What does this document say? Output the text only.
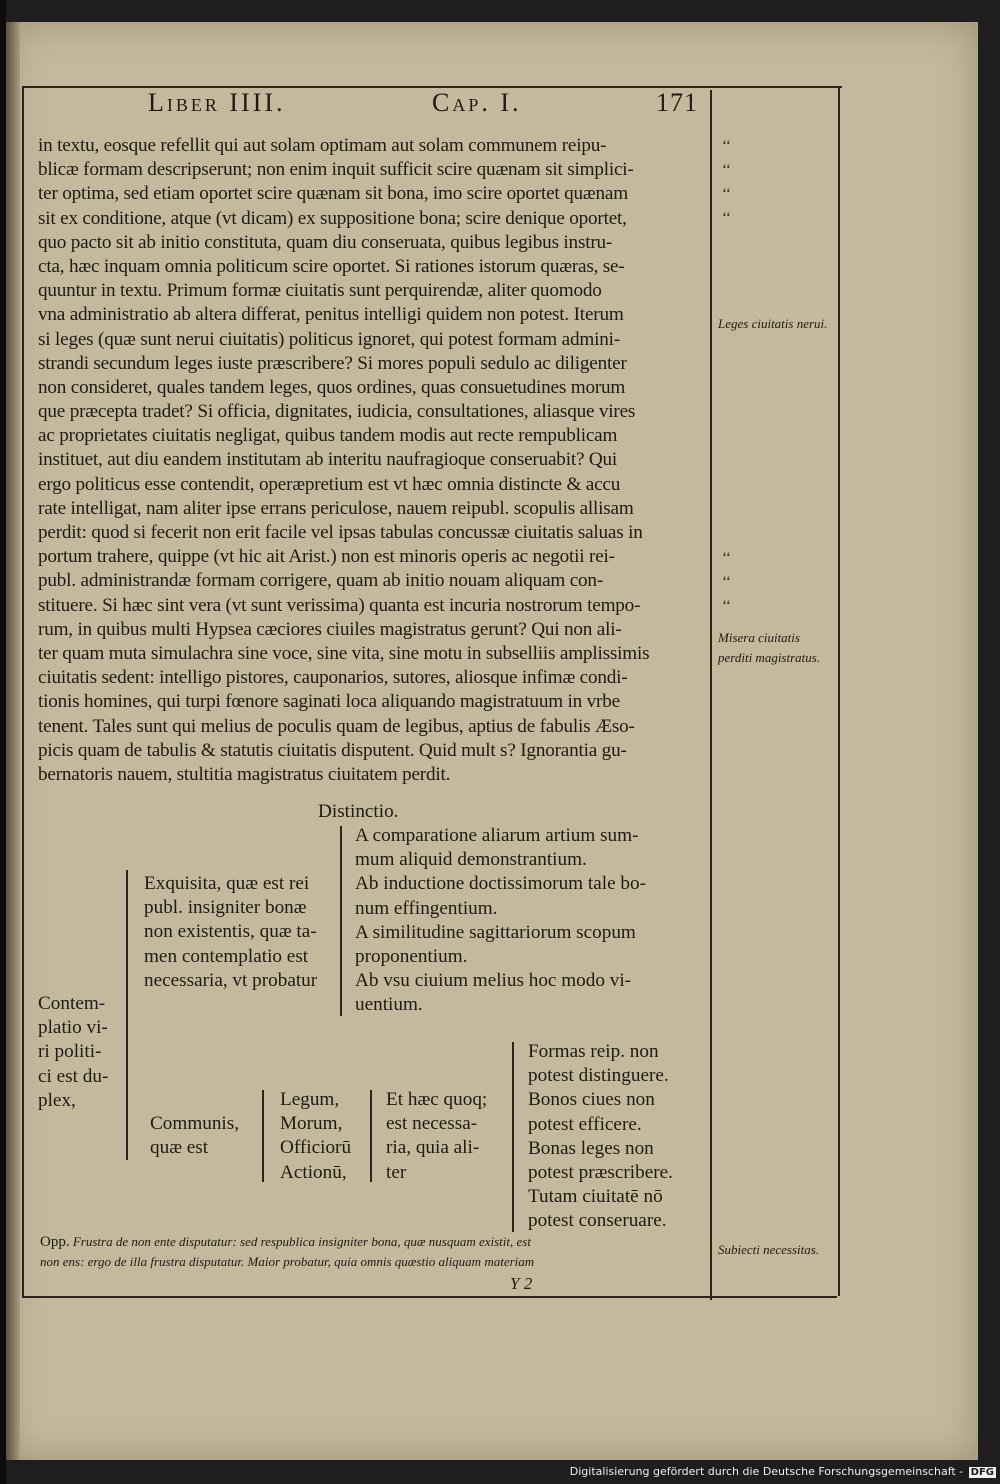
Liber IIII.	Cap. I.	171
in textu, eosque refellit qui aut solam optimam aut solam communem reipu-
blicæ formam descripserunt; non enim inquit sufficit scire quænam sit simplici-
ter optima, sed etiam oportet scire quænam sit bona, imo scire oportet quænam
sit ex conditione, atque (vt dicam) ex suppositione bona; scire denique oportet,
quo pacto sit ab initio constituta, quam diu conseruata, quibus legibus instru-
cta, hæc inquam omnia politicum scire oportet. Si rationes istorum quæras, se-
quuntur in textu. Primum formæ ciuitatis sunt perquirendæ, aliter quomodo
vna administratio ab altera differat, penitus intelligi quidem non potest. Iterum
si leges (quæ sunt nerui ciuitatis) politicus ignoret, qui potest formam admini-
strandi secundum leges iuste præscribere? Si mores populi sedulo ac diligenter
non consideret, quales tandem leges, quos ordines, quas consuetudines morum
que præcepta tradet? Si officia, dignitates, iudicia, consultationes, aliasque vires
ac proprietates ciuitatis negligat, quibus tandem modis aut recte rempublicam
instituet, aut diu eandem institutam ab interitu naufragioque conseruabit? Qui
ergo politicus esse contendit, operæpretium est vt hæc omnia distincte & accu
rate intelligat, nam aliter ipse errans periculose, nauem reipubl. scopulis allisam
perdit: quod si fecerit non erit facile vel ipsas tabulas concussæ ciuitatis saluas in
portum trahere, quippe (vt hic ait Arist.) non est minoris operis ac negotii rei-
publ. administrandæ formam corrigere, quam ab initio nouam aliquam con-
stituere. Si hæc sint vera (vt sunt verissima) quanta est incuria nostrorum tempo-
rum, in quibus multi Hypsea cæciores ciuiles magistratus gerunt? Qui non ali-
ter quam muta simulachra sine voce, sine vita, sine motu in subselliis amplissimis
ciuitatis sedent: intelligo pistores, cauponarios, sutores, aliosque infimæ condi-
tionis homines, qui turpi fœnore saginati loca aliquando magistratuum in vrbe
tenent. Tales sunt qui melius de poculis quam de legibus, aptius de fabulis Æso-
picis quam de tabulis & statutis ciuitatis disputent. Quid mult s? Ignorantia gu-
bernatoris nauem, stultitia magistratus ciuitatem perdit.
‘‘
‘‘
‘‘
‘‘
‘‘
‘‘
‘‘
Leges ciuitatis nerui.
Misera ciuitatis perditi magistratus.
Subiecti necessitas.
Distinctio.
Contem-
platio vi-
ri politi-
ci est du-
plex,
Exquisita, quæ est rei
publ. insigniter bonæ
non existentis, quæ ta-
men contemplatio est
necessaria, vt probatur
A comparatione aliarum artium sum-
mum aliquid demonstrantium.
Ab inductione doctissimorum tale bo-
num effingentium.
A similitudine sagittariorum scopum
proponentium.
Ab vsu ciuium melius hoc modo vi-
uentium.
Communis,
quæ est
Legum,
Morum,
Officiorū
Actionū,
Et hæc quoq;
est necessa-
ria, quia ali-
ter
Formas reip. non
potest distinguere.
Bonos ciues non
potest efficere.
Bonas leges non
potest præscribere.
Tutam ciuitatē nō
potest conseruare.
Opp. Frustra de non ente disputatur: sed respublica insigniter bona, quæ nusquam existit, est
non ens: ergo de illa frustra disputatur. Maior probatur, quia omnis quæstio aliquam materiam
Y 2
Digitalisierung gefördert durch die Deutsche Forschungsgemeinschaft - DFG
